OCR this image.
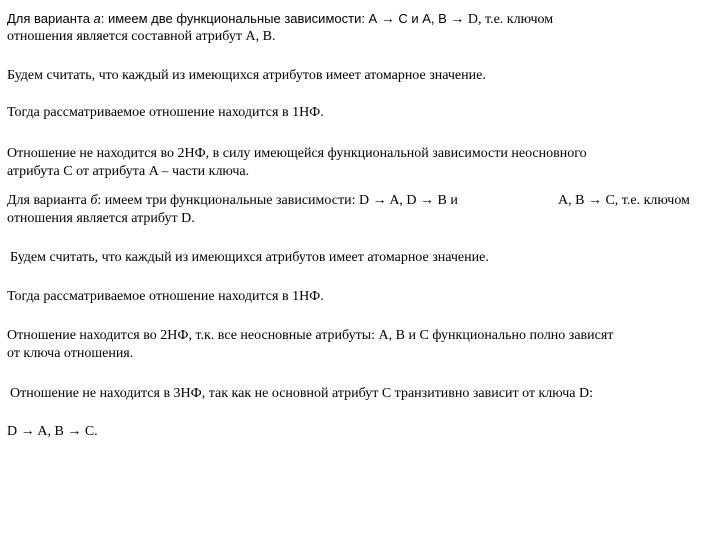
Для варианта а: имеем две функциональные зависимости: A → C и A, B → D, т.е. ключом
отношения является составной атрибут A, B.
Будем считать, что каждый из имеющихся атрибутов имеет атомарное значение.
Тогда рассматриваемое отношение находится в 1НФ.
Отношение не находится во 2НФ, в силу имеющейся функциональной зависимости неосновного
атрибута C от атрибута A – части ключа.
Для варианта б: имеем три функциональные зависимости: D → A, D → B и	A, B → C, т.е. ключом
отношения является атрибут D.
Будем считать, что каждый из имеющихся атрибутов имеет атомарное значение.
Тогда рассматриваемое отношение находится в 1НФ.
Отношение находится во 2НФ, т.к. все неосновные атрибуты: A, B и C функционально полно зависят
от ключа отношения.
Отношение не находится в 3НФ, так как не основной атрибут C транзитивно зависит от ключа D:
D → A, B → C.
